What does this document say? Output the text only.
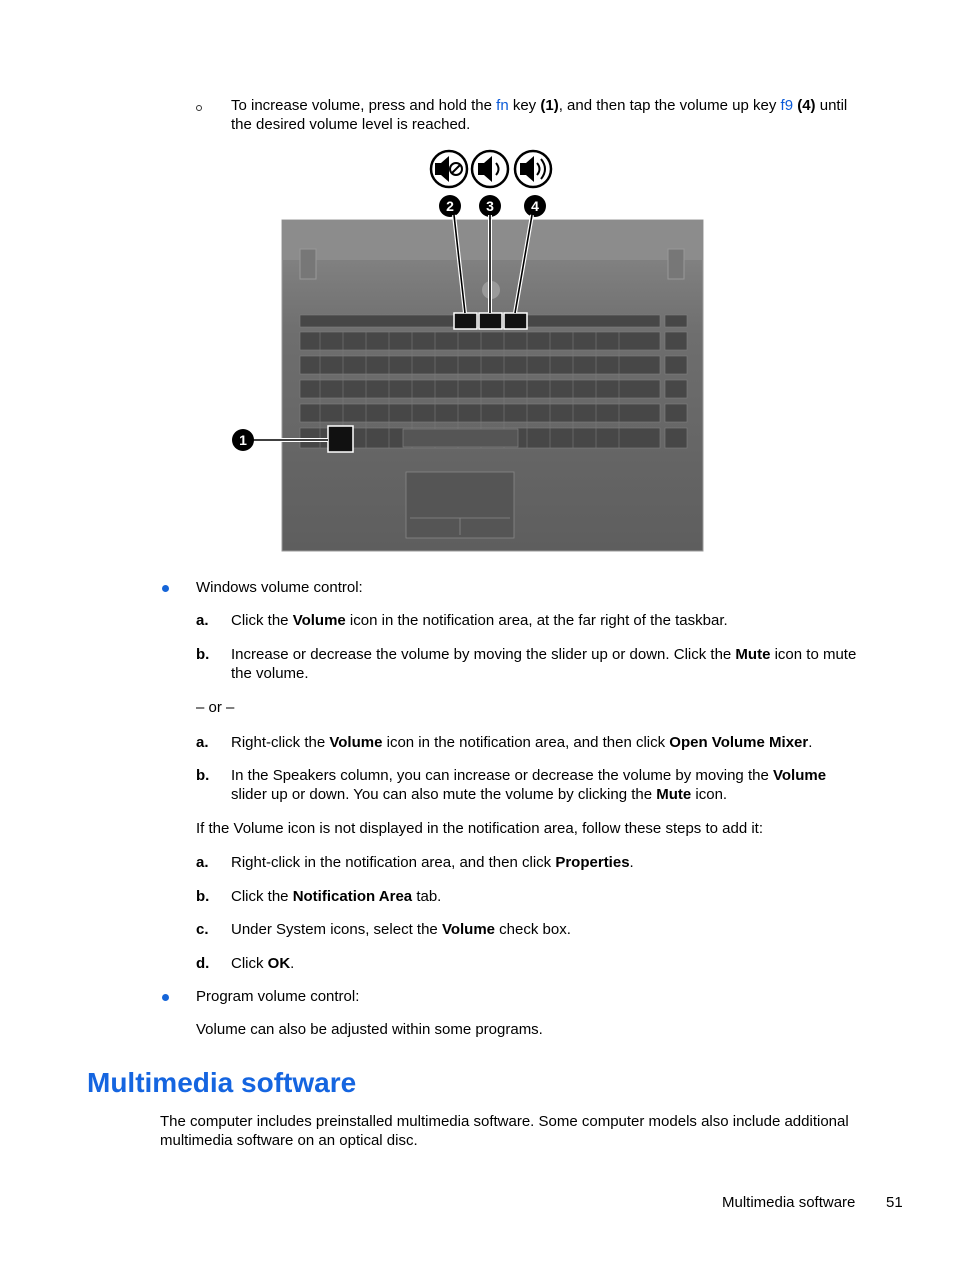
To increase volume, press and hold the fn key (1), and then tap the volume up key f9 (4) until
the desired volume level is reached.
2 3	4
1
Windows volume control:
a. Click the Volume icon in the notification area, at the far right of the taskbar.
b. Increase or decrease the volume by moving the slider up or down. Click the Mute icon to mute
the volume.
– or –
a. Right-click the Volume icon in the notification area, and then click Open Volume Mixer.
b. In the Speakers column, you can increase or decrease the volume by moving the Volume
slider up or down. You can also mute the volume by clicking the Mute icon.
If the Volume icon is not displayed in the notification area, follow these steps to add it:
a. Right-click in the notification area, and then click Properties.
b. Click the Notification Area tab.
c. Under System icons, select the Volume check box.
d. Click OK.
Program volume control:
Volume can also be adjusted within some programs.
Multimedia software
The computer includes preinstalled multimedia software. Some computer models also include additional
multimedia software on an optical disc.
Multimedia software 51
